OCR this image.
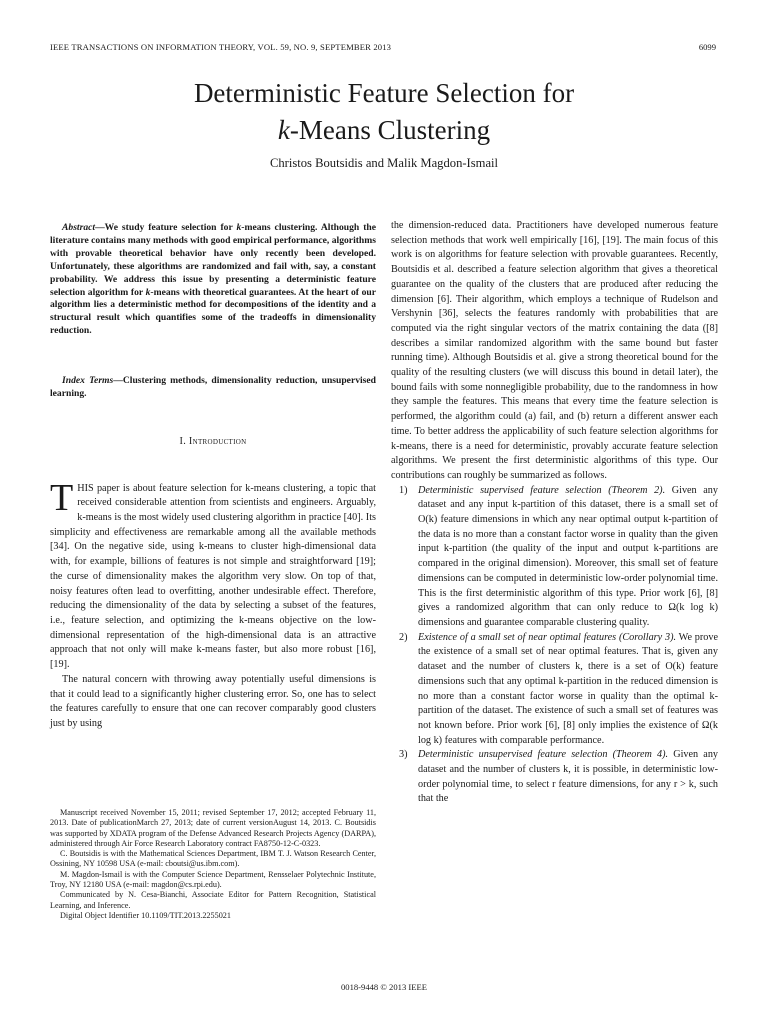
IEEE TRANSACTIONS ON INFORMATION THEORY, VOL. 59, NO. 9, SEPTEMBER 2013	6099
Deterministic Feature Selection for
k-Means Clustering
Christos Boutsidis and Malik Magdon-Ismail

Abstract—We study feature selection for k-means clustering. Although the literature contains many methods with good empirical performance, algorithms with provable theoretical behavior have only recently been developed. Unfortunately, these algorithms are randomized and fail with, say, a constant probability. We address this issue by presenting a deterministic feature selection algorithm for k-means with theoretical guarantees. At the heart of our algorithm lies a deterministic method for decompositions of the identity and a structural result which quantifies some of the tradeoffs in dimensionality reduction.

Index Terms—Clustering methods, dimensionality reduction, unsupervised learning.

I. Introduction
T HIS paper is about feature selection for k-means clustering, a topic that received considerable attention from scientists and engineers. Arguably, k-means is the most widely used clustering algorithm in practice [40]. Its simplicity and effectiveness are remarkable among all the available methods [34]. On the negative side, using k-means to cluster high-dimensional data with, for example, billions of features is not simple and straightforward [19]; the curse of dimensionality makes the algorithm very slow. On top of that, noisy features often lead to overfitting, another undesirable effect. Therefore, reducing the dimensionality of the data by selecting a subset of the features, i.e., feature selection, and optimizing the k-means objective on the low-dimensional representation of the high-dimensional data is an attractive approach that not only will make k-means faster, but also more robust [16], [19].

The natural concern with throwing away potentially useful dimensions is that it could lead to a significantly higher clustering error. So, one has to select the features carefully to ensure that one can recover comparably good clusters just by using

Manuscript received November 15, 2011; revised September 17, 2012; accepted February 11, 2013. Date of publicationMarch 27, 2013; date of current versionAugust 14, 2013. C. Boutsidis was supported by XDATA program of the Defense Advanced Research Projects Agency (DARPA), administered through Air Force Research Laboratory contract FA8750-12-C-0323.

C. Boutsidis is with the Mathematical Sciences Department, IBM T. J. Watson Research Center, Ossining, NY 10598 USA (e-mail: cboutsi@us.ibm.com).

M. Magdon-Ismail is with the Computer Science Department, Rensselaer Polytechnic Institute, Troy, NY 12180 USA (e-mail: magdon@cs.rpi.edu).

Communicated by N. Cesa-Bianchi, Associate Editor for Pattern Recognition, Statistical Learning, and Inference.

Digital Object Identifier 10.1109/TIT.2013.2255021

the dimension-reduced data. Practitioners have developed numerous feature selection methods that work well empirically [16], [19]. The main focus of this work is on algorithms for feature selection with provable guarantees. Recently, Boutsidis et al. described a feature selection algorithm that gives a theoretical guarantee on the quality of the clusters that are produced after reducing the dimension [6]. Their algorithm, which employs a technique of Rudelson and Vershynin [36], selects the features randomly with probabilities that are computed via the right singular vectors of the matrix containing the data ([8] describes a similar randomized algorithm with the same bound but faster running time). Although Boutsidis et al. give a strong theoretical bound for the quality of the resulting clusters (we will discuss this bound in detail later), the bound fails with some nonnegligible probability, due to the randomness in how they sample the features. This means that every time the feature selection is performed, the algorithm could (a) fail, and (b) return a different answer each time. To better address the applicability of such feature selection algorithms for k-means, there is a need for deterministic, provably accurate feature selection algorithms. We present the first deterministic algorithms of this type. Our contributions can roughly be summarized as follows.

1) Deterministic supervised feature selection (Theorem 2). Given any dataset and any input k-partition of this dataset, there is a small set of O(k) feature dimensions in which any near optimal output k-partition of the data is no more than a constant factor worse in quality than the given input k-partition (the quality of the input and output k-partitions are compared in the original dimension). Moreover, this small set of feature dimensions can be computed in deterministic low-order polynomial time. This is the first deterministic algorithm of this type. Prior work [6], [8] gives a randomized algorithm that can only reduce to Ω(k log k) dimensions and guarantee comparable clustering quality.
2) Existence of a small set of near optimal features (Corollary 3). We prove the existence of a small set of near optimal features. That is, given any dataset and the number of clusters k, there is a set of O(k) feature dimensions such that any optimal k-partition in the reduced dimension is no more than a constant factor worse in quality than the optimal k-partition of the dataset. The existence of such a small set of features was not known before. Prior work [6], [8] only implies the existence of Ω(k log k) features with comparable performance.
3) Deterministic unsupervised feature selection (Theorem 4). Given any dataset and the number of clusters k, it is possible, in deterministic low-order polynomial time, to select r feature dimensions, for any r > k, such that the
0018-9448 © 2013 IEEE
